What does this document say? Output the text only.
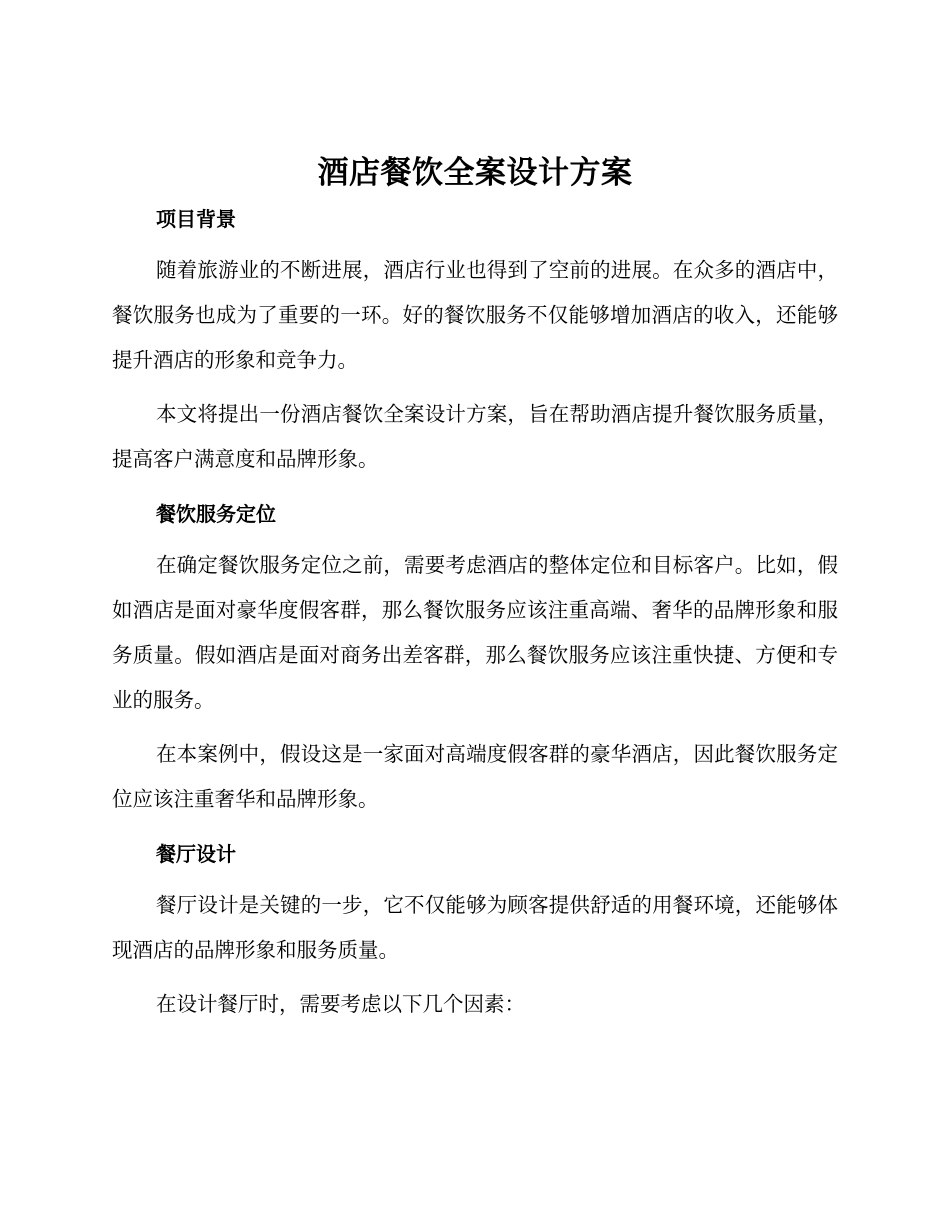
酒店餐饮全案设计方案
项目背景

随着旅游业的不断进展，酒店行业也得到了空前的进展。在众多的酒店中，餐饮服务也成为了重要的一环。好的餐饮服务不仅能够增加酒店的收入，还能够提升酒店的形象和竞争力。

本文将提出一份酒店餐饮全案设计方案，旨在帮助酒店提升餐饮服务质量，提高客户满意度和品牌形象。

餐饮服务定位

在确定餐饮服务定位之前，需要考虑酒店的整体定位和目标客户。比如，假如酒店是面对豪华度假客群，那么餐饮服务应该注重高端、奢华的品牌形象和服务质量。假如酒店是面对商务出差客群，那么餐饮服务应该注重快捷、方便和专业的服务。

在本案例中，假设这是一家面对高端度假客群的豪华酒店，因此餐饮服务定位应该注重奢华和品牌形象。

餐厅设计

餐厅设计是关键的一步，它不仅能够为顾客提供舒适的用餐环境，还能够体现酒店的品牌形象和服务质量。

在设计餐厅时，需要考虑以下几个因素：
